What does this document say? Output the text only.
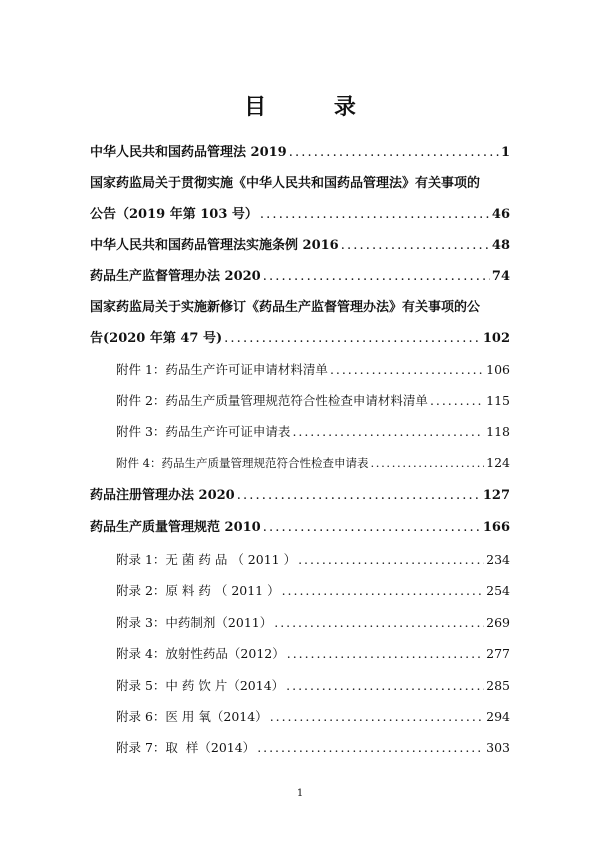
目 录
中华人民共和国药品管理法 2019 . . .	1
国家药监局关于贯彻实施《中华人民共和国药品管理法》有关事项的
公告（2019 年第 103 号） . . .	46
中华人民共和国药品管理法实施条例 2016 . . .	48
药品生产监督管理办法 2020 . . .	74
国家药监局关于实施新修订《药品生产监督管理办法》有关事项的公
告(2020 年第 47 号) . . .	102
附件 1：药品生产许可证申请材料清单 . . .	106
附件 2：药品生产质量管理规范符合性检查申请材料清单 . . .	115
附件 3：药品生产许可证申请表 . . .	118
附件 4：药品生产质量管理规范符合性检查申请表 . . .	124
药品注册管理办法 2020 . . .	127
药品生产质量管理规范 2010 . . .	166
附录 1：无 菌 药 品 （ 2011 ） . . .	234
附录 2：原 料 药 （ 2011 ） . . .	254
附录 3：中药制剂（2011） . . .	269
附录 4：放射性药品（2012） . . .	277
附录 5：中 药 饮 片（2014） . . .	285
附录 6：医 用 氧（2014） . . .	294
附录 7：取  样（2014） . . .	303
1
